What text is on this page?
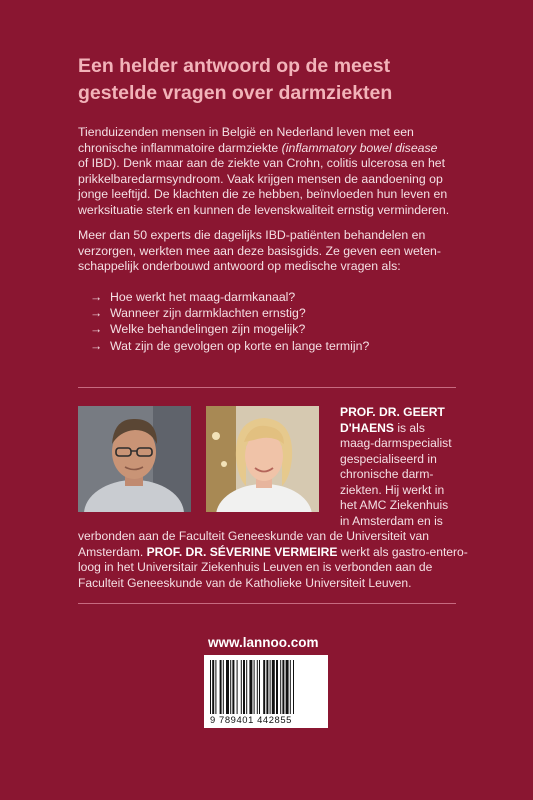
Een helder antwoord op de meest
gestelde vragen over darmziekten

Tienduizenden mensen in België en Nederland leven met een
chronische inflammatoire darmziekte (inflammatory bowel disease
of IBD). Denk maar aan de ziekte van Crohn, colitis ulcerosa en het
prikkelbaredarmsyndroom. Vaak krijgen mensen de aandoening op
jonge leeftijd. De klachten die ze hebben, beïnvloeden hun leven en
werksituatie sterk en kunnen de levenskwaliteit ernstig verminderen.

Meer dan 50 experts die dagelijks IBD-patiënten behandelen en
verzorgen, werkten mee aan deze basisgids. Ze geven een weten-
schappelijk onderbouwd antwoord op medische vragen als:

→ Hoe werkt het maag-darmkanaal?
→ Wanneer zijn darmklachten ernstig?
→ Welke behandelingen zijn mogelijk?
→ Wat zijn de gevolgen op korte en lange termijn?

PROF. DR. GEERT
D'HAENS is als
maag-darmspecialist
gespecialiseerd in
chronische darm-
ziekten. Hij werkt in
het AMC Ziekenhuis
in Amsterdam en is

verbonden aan de Faculteit Geneeskunde van de Universiteit van
Amsterdam. PROF. DR. SÉVERINE VERMEIRE werkt als gastro-entero-
loog in het Universitair Ziekenhuis Leuven en is verbonden aan de
Faculteit Geneeskunde van de Katholieke Universiteit Leuven.

www.lannoo.com
9 789401 442855
